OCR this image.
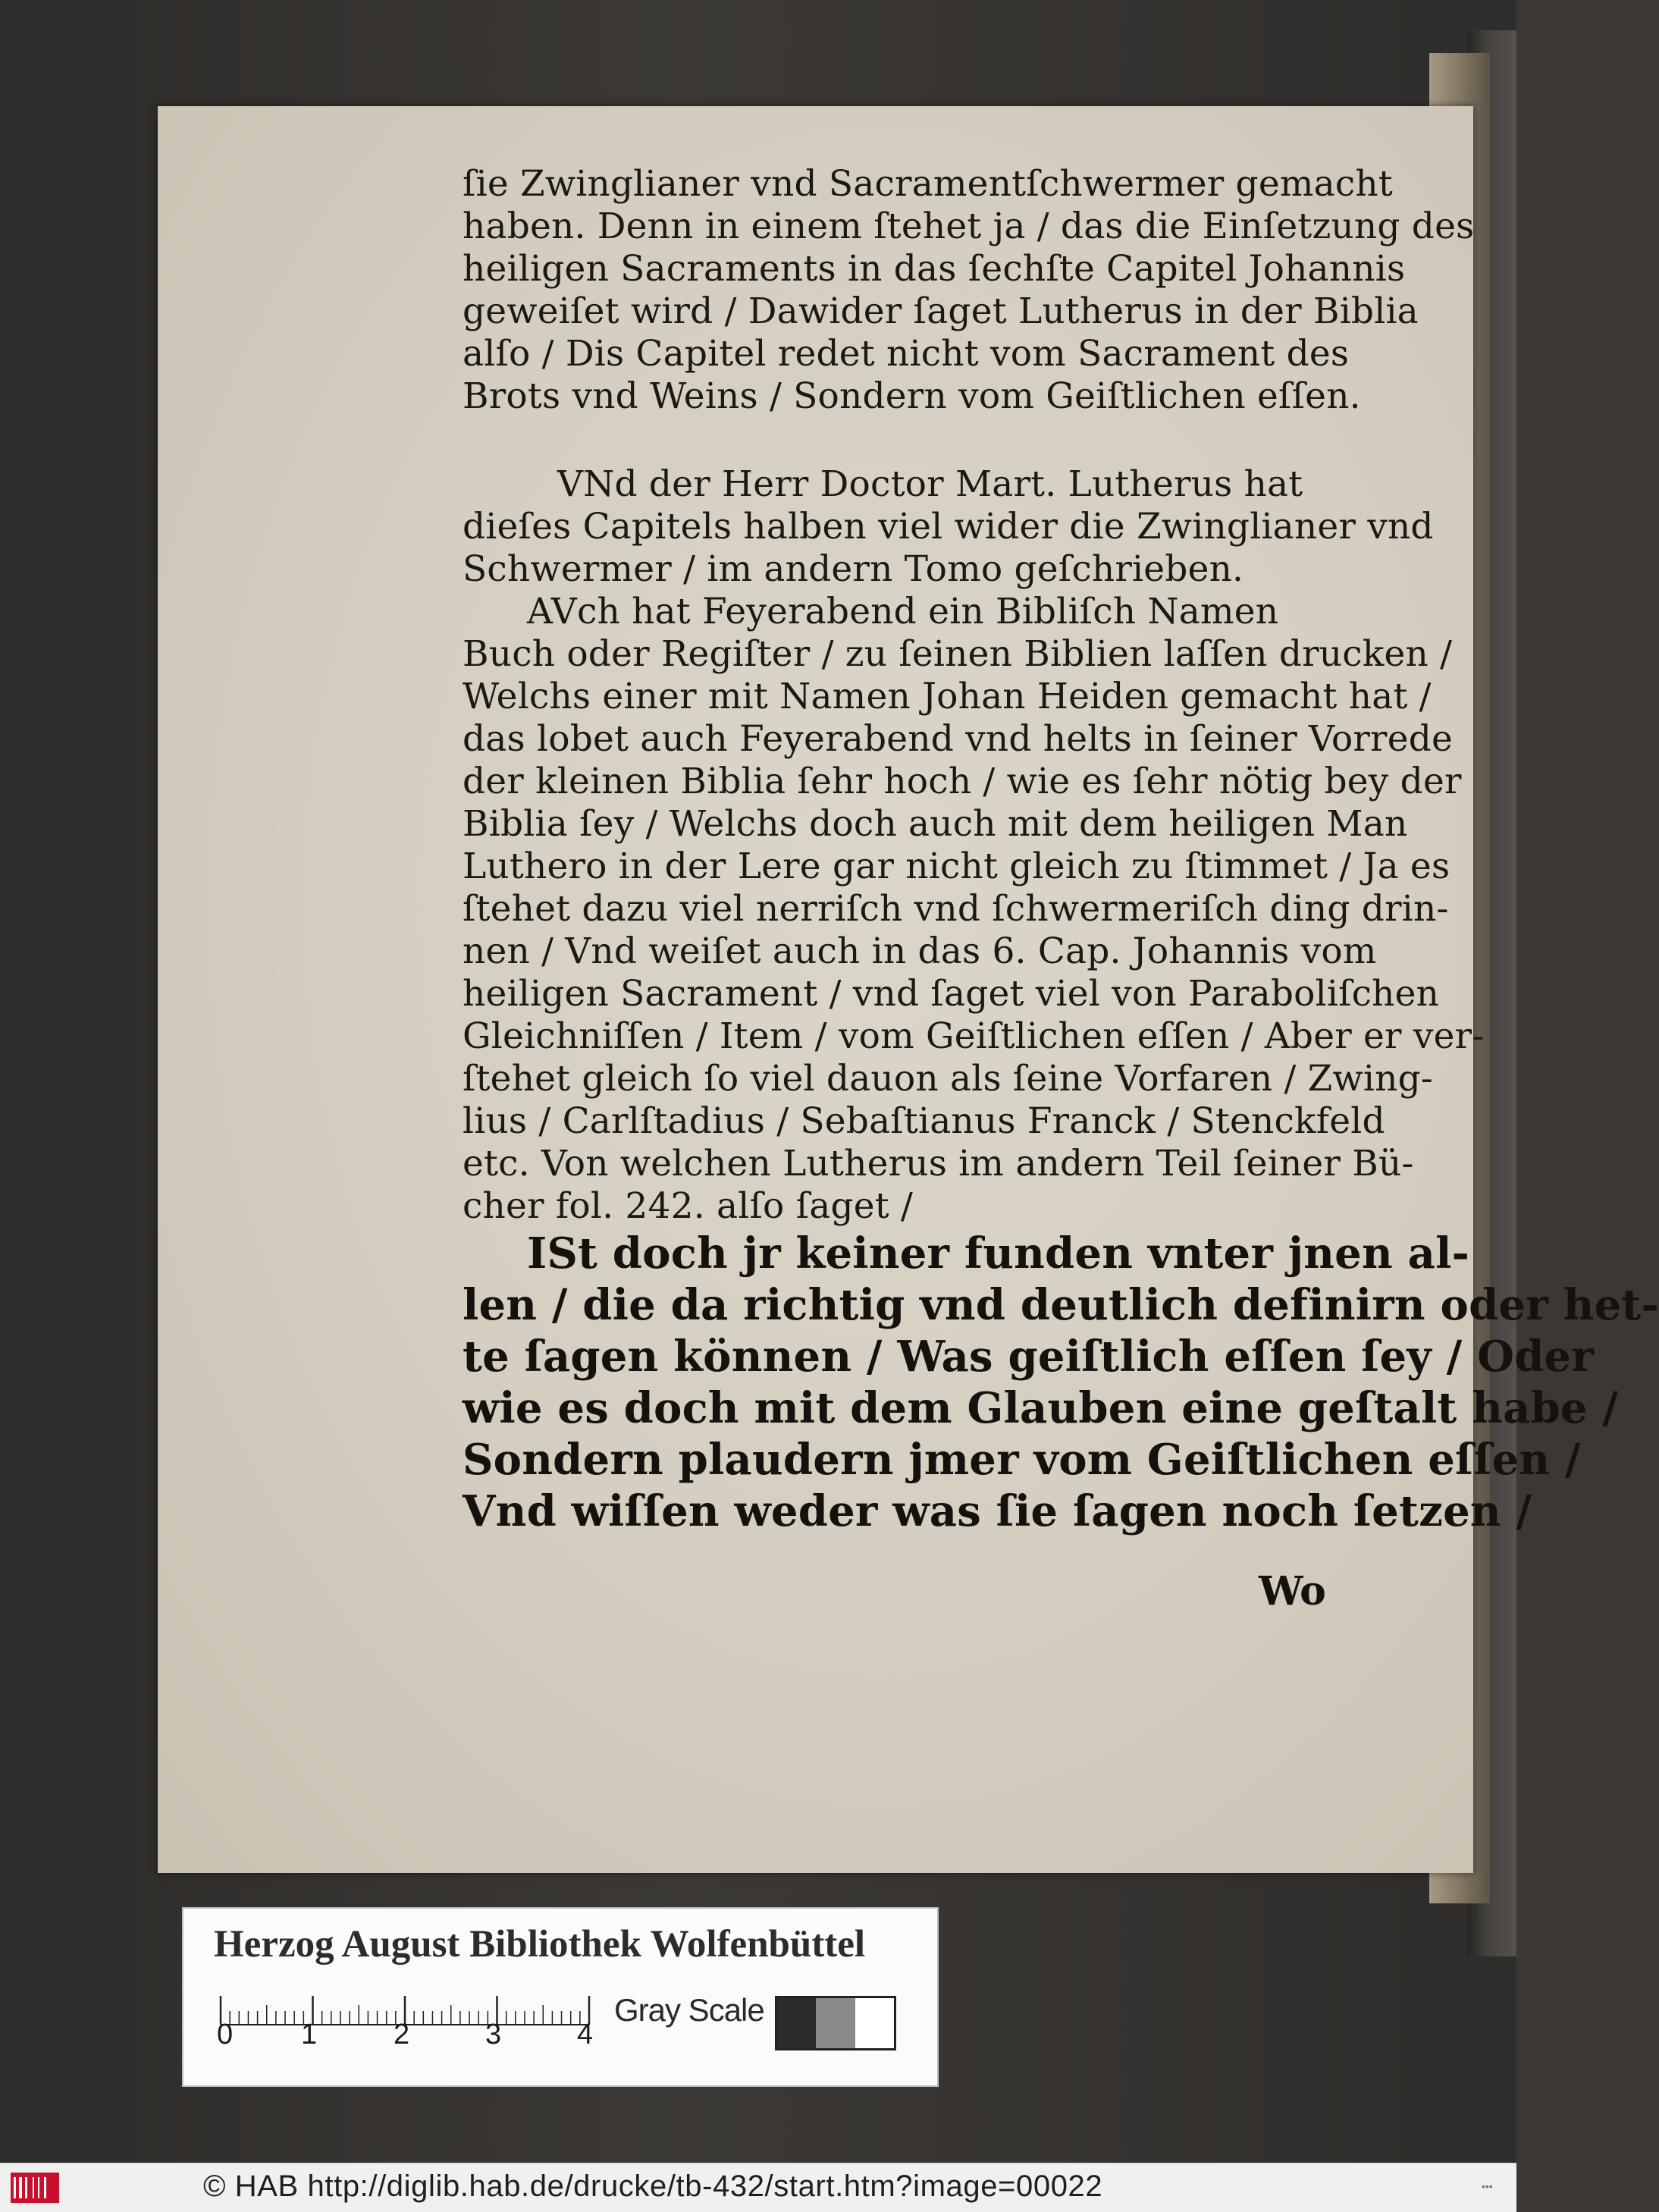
ſie Zwinglianer vnd Sacramentſchwermer gemacht
haben. Denn in einem ſtehet ja / das die Einſetzung des
heiligen Sacraments in das ſechſte Capitel Johannis
geweiſet wird / Dawider ſaget Lutherus in der Biblia
alſo / Dis Capitel redet nicht vom Sacrament des
Brots vnd Weins / Sondern vom Geiſtlichen eſſen.
VNd der Herr Doctor Mart. Lutherus hat
dieſes Capitels halben viel wider die Zwinglianer vnd
Schwermer / im andern Tomo geſchrieben.
AVch hat Feyerabend ein Bibliſch Namen
Buch oder Regiſter / zu ſeinen Biblien laſſen drucken /
Welchs einer mit Namen Johan Heiden gemacht hat /
das lobet auch Feyerabend vnd helts in ſeiner Vorrede
der kleinen Biblia ſehr hoch / wie es ſehr nötig bey der
Biblia ſey / Welchs doch auch mit dem heiligen Man
Luthero in der Lere gar nicht gleich zu ſtimmet / Ja es
ſtehet dazu viel nerriſch vnd ſchwermeriſch ding drin-
nen / Vnd weiſet auch in das 6. Cap. Johannis vom
heiligen Sacrament / vnd ſaget viel von Paraboliſchen
Gleichniſſen / Item / vom Geiſtlichen eſſen / Aber er ver-
ſtehet gleich ſo viel dauon als ſeine Vorfaren / Zwing-
lius / Carlſtadius / Sebaſtianus Franck / Stenckfeld
etc. Von welchen Lutherus im andern Teil ſeiner Bü-
cher fol. 242. alſo ſaget /
ISt doch jr keiner funden vnter jnen al-
len / die da richtig vnd deutlich definirn oder het-
te ſagen können / Was geiſtlich eſſen ſey / Oder
wie es doch mit dem Glauben eine geſtalt habe /
Sondern plaudern jmer vom Geiſtlichen eſſen /
Vnd wiſſen weder was ſie ſagen noch ſetzen /
Wo
Herzog August Bibliothek Wolfenbüttel
0 1	2	3	4
Gray Scale
© HAB http://diglib.hab.de/drucke/tb-432/start.htm?image=00022	•••
